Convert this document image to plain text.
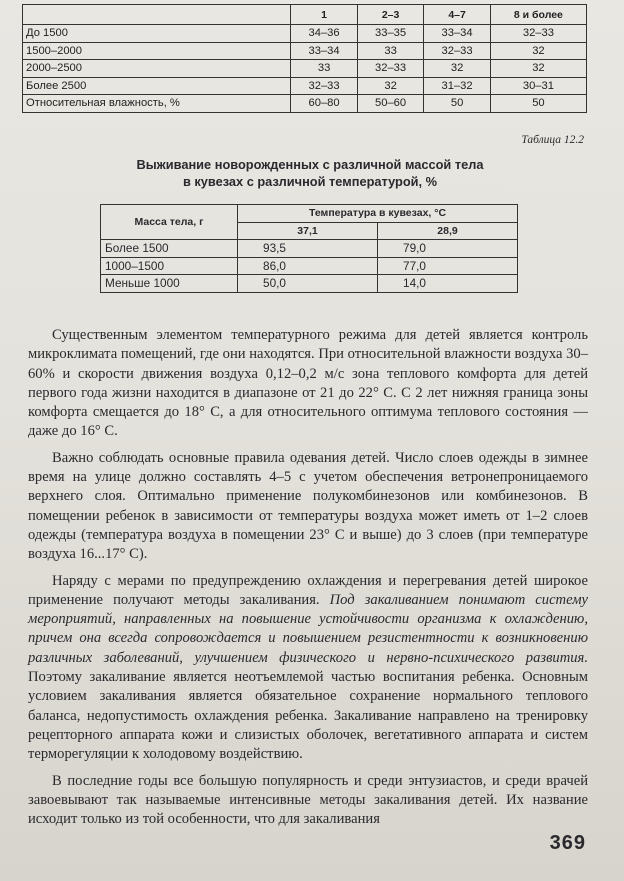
	1	2–3	4–7	8 и более
До 1500	34–36	33–35	33–34	32–33
1500–2000	33–34	33	32–33	32
2000–2500	33	32–33	32	32
Более 2500	32–33	32	31–32	30–31
Относительная влажность, %	60–80	50–60	50	50
Таблица 12.2
Выживание новорожденных с различной массой тела
в кувезах с различной температурой, %
Масса тела, г	Температура в кувезах, °С	
	37,1	28,9
Более 1500	93,5	79,0
1000–1500	86,0	77,0
Меньше 1000	50,0	14,0

Существенным элементом температурного режима для детей является контроль микроклимата помещений, где они находятся. При относительной влажности воздуха 30–60% и скорости движения воздуха 0,12–0,2 м/с зона теплового комфорта для детей первого года жизни находится в диапазоне от 21 до 22° С. С 2 лет нижняя граница зоны комфорта смещается до 18° С, а для относительного оптимума теплового состояния — даже до 16° С.

Важно соблюдать основные правила одевания детей. Число слоев одежды в зимнее время на улице должно составлять 4–5 с учетом обеспечения ветронепроницаемого верхнего слоя. Оптимально применение полукомбинезонов или комбинезонов. В помещении ребенок в зависимости от температуры воздуха может иметь от 1–2 слоев одежды (температура воздуха в помещении 23° С и выше) до 3 слоев (при температуре воздуха 16...17° С).

Наряду с мерами по предупреждению охлаждения и перегревания детей широкое применение получают методы закаливания. Под закаливанием понимают систему мероприятий, направленных на повышение устойчивости организма к охлаждению, причем она всегда сопровождается и повышением резистентности к возникновению различных заболеваний, улучшением физического и нервно-психического развития. Поэтому закаливание является неотъемлемой частью воспитания ребенка. Основным условием закаливания является обязательное сохранение нормального теплового баланса, недопустимость охлаждения ребенка. Закаливание направлено на тренировку рецепторного аппарата кожи и слизистых оболочек, вегетативного аппарата и систем терморегуляции к холодовому воздействию.

В последние годы все большую популярность и среди энтузиастов, и среди врачей завоевывают так называемые интенсивные методы закаливания детей. Их название исходит только из той особенности, что для закаливания

369
